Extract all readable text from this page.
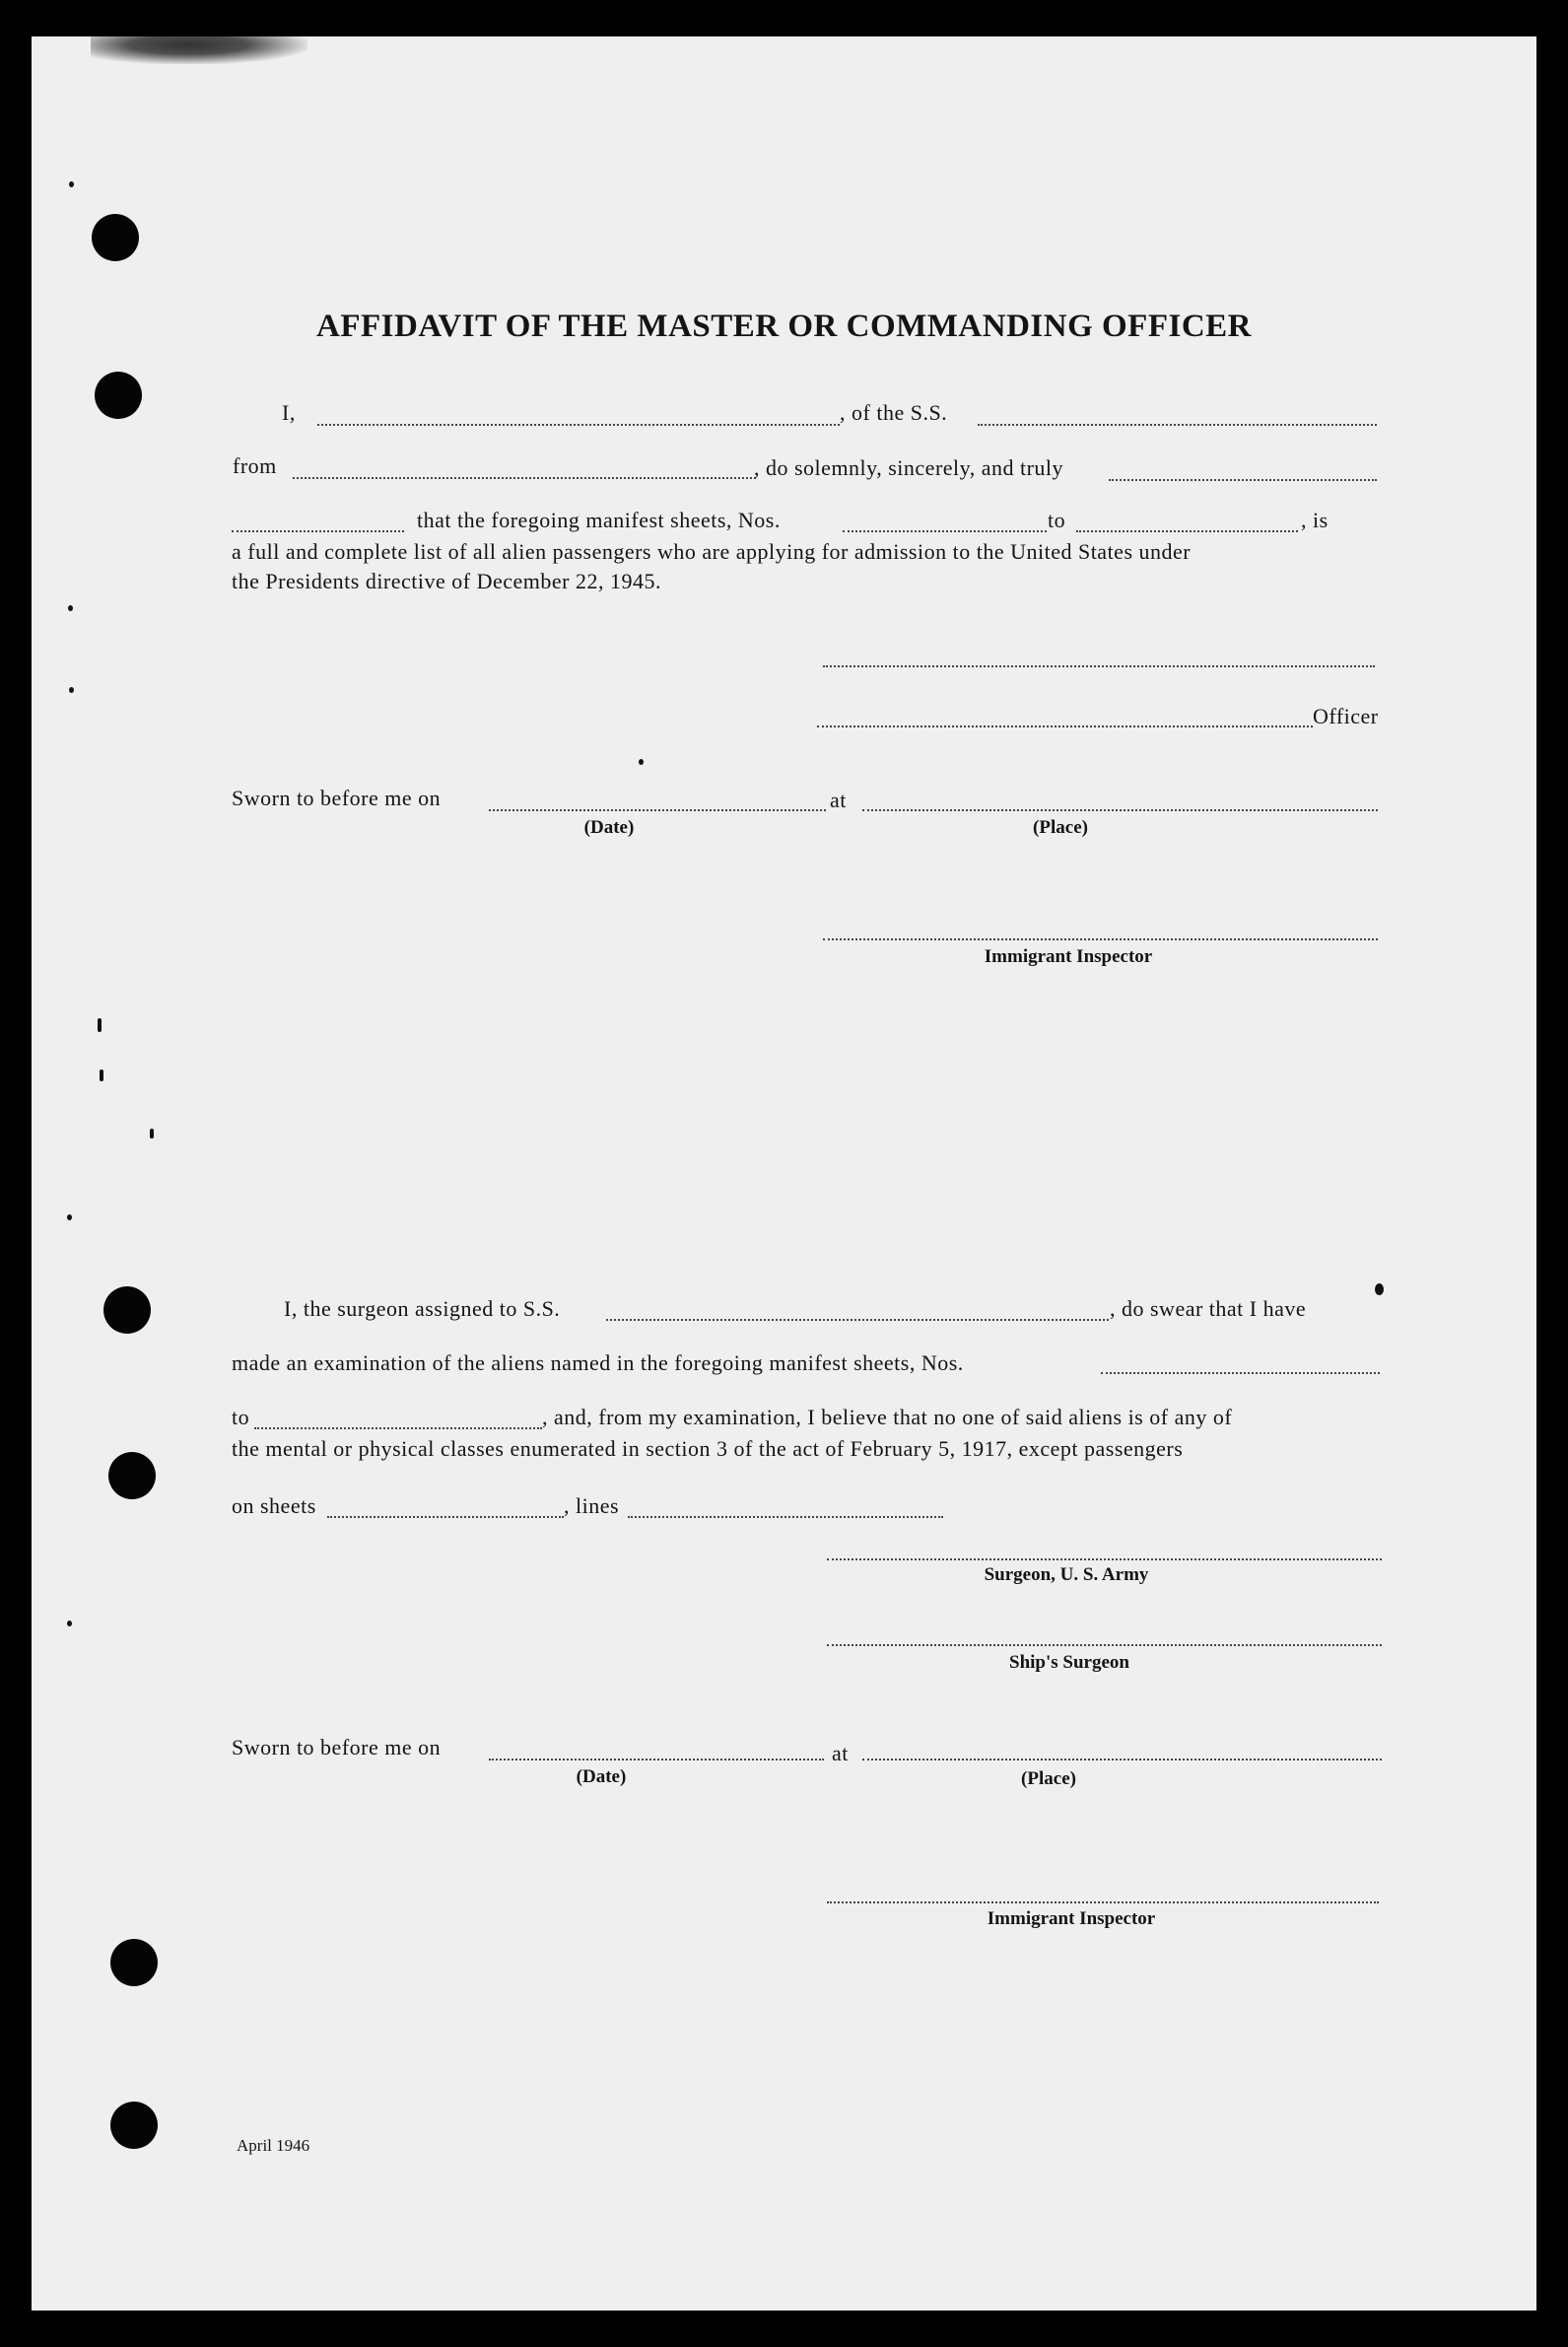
AFFIDAVIT OF THE MASTER OR COMMANDING OFFICER
I,	, of the S.S.
from	, do solemnly, sincerely, and truly
that the foregoing manifest sheets, Nos.	to	, is
a full and complete list of all alien passengers who are applying for admission to the United States under
the Presidents directive of December 22, 1945.
Officer
Sworn to before me on
(Date)
at
(Place)
Immigrant Inspector
I, the surgeon assigned to S.S.	, do swear that I have
made an examination of the aliens named in the foregoing manifest sheets, Nos.
to	, and, from my examination, I believe that no one of said aliens is of any of
the mental or physical classes enumerated in section 3 of the act of February 5, 1917, except passengers
on sheets	, lines
Surgeon, U. S. Army
Ship's Surgeon
Sworn to before me on
(Date)
at
(Place)
Immigrant Inspector
April 1946
